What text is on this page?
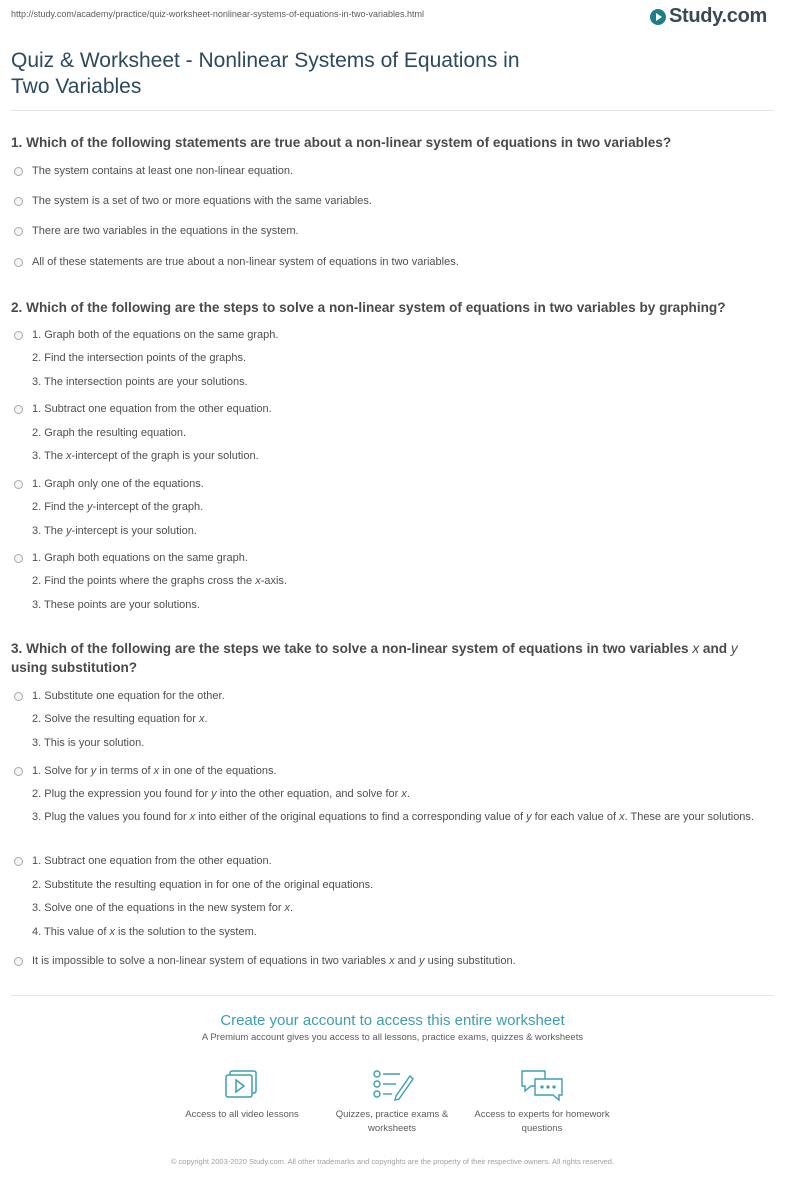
http://study.com/academy/practice/quiz-worksheet-nonlinear-systems-of-equations-in-two-variables.html	Study.com
Quiz & Worksheet - Nonlinear Systems of Equations in
Two Variables
1. Which of the following statements are true about a non-linear system of equations in two variables?
The system contains at least one non-linear equation.
The system is a set of two or more equations with the same variables.
There are two variables in the equations in the system.
All of these statements are true about a non-linear system of equations in two variables.
2. Which of the following are the steps to solve a non-linear system of equations in two variables by graphing?
1. Graph both of the equations on the same graph.
2. Find the intersection points of the graphs.
3. The intersection points are your solutions.
1. Subtract one equation from the other equation.
2. Graph the resulting equation.
3. The x-intercept of the graph is your solution.
1. Graph only one of the equations.
2. Find the y-intercept of the graph.
3. The y-intercept is your solution.
1. Graph both equations on the same graph.
2. Find the points where the graphs cross the x-axis.
3. These points are your solutions.
3. Which of the following are the steps we take to solve a non-linear system of equations in two variables x and y using substitution?
1. Substitute one equation for the other.
2. Solve the resulting equation for x.
3. This is your solution.
1. Solve for y in terms of x in one of the equations.
2. Plug the expression you found for y into the other equation, and solve for x.
3. Plug the values you found for x into either of the original equations to find a corresponding value of y for each value of x. These are your solutions.
1. Subtract one equation from the other equation.
2. Substitute the resulting equation in for one of the original equations.
3. Solve one of the equations in the new system for x.
4. This value of x is the solution to the system.
It is impossible to solve a non-linear system of equations in two variables x and y using substitution.
Create your account to access this entire worksheet
A Premium account gives you access to all lessons, practice exams, quizzes & worksheets
Access to all video lessons	Quizzes, practice exams & worksheets
Access to experts for homework questions
© copyright 2003-2020 Study.com. All other trademarks and copyrights are the property of their respective owners. All rights reserved.
